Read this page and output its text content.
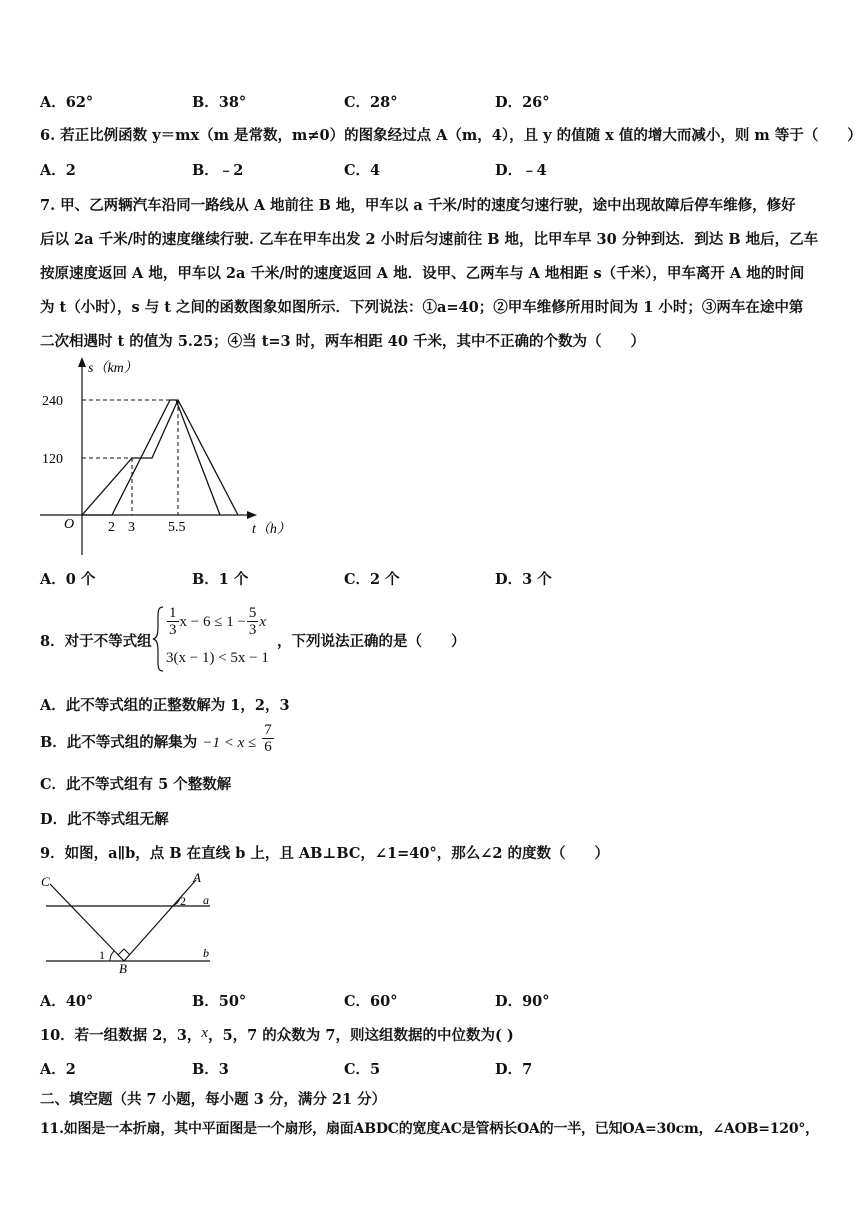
A．62°	B．38°	C．28°	D．26°
6. 若正比例函数 y＝mx（m 是常数，m≠0）的图象经过点 A（m，4），且 y 的值随 x 值的增大而减小，则 m 等于（　　）
A．2	B．﹣2	C．4	D．﹣4
7. 甲、乙两辆汽车沿同一路线从 A 地前往 B 地，甲车以 a 千米/时的速度匀速行驶，途中出现故障后停车维修，修好
后以 2a 千米/时的速度继续行驶. 乙车在甲车出发 2 小时后匀速前往 B 地，比甲车早 30 分钟到达．到达 B 地后，乙车
按原速度返回 A 地，甲车以 2a 千米/时的速度返回 A 地．设甲、乙两车与 A 地相距 s（千米），甲车离开 A 地的时间
为 t（小时），s 与 t 之间的函数图象如图所示．下列说法：①a=40；②甲车维修所用时间为 1 小时；③两车在途中第
二次相遇时 t 的值为 5.25；④当 t=3 时，两车相距 40 千米，其中不正确的个数为（　　）
s（km）
240
120
O 2 3 5.5	t（h）
A．0 个	B．1 个	C．2 个	D．3 个
8．对于不等式组
$\frac{1}{3}$ $x - 6 \le 1 - \frac{5}{3}$ x
3(x − 1) < 5x − 1
，下列说法正确的是（　　）
A．此不等式组的正整数解为 1，2，3
B．此不等式组的解集为 $-1 < x \le \frac{7}{6}$
C．此不等式组有 5 个整数解
D．此不等式组无解
9．如图，a∥b，点 B 在直线 b 上，且 AB⊥BC，∠1=40°，那么∠2 的度数（　　）
C	A
2 a
1
B
b
A．40°	B．50°	C．60°	D．90°
10．若一组数据 2，3，x，5，7 的众数为 7，则这组数据的中位数为( )
A．2	B．3	C．5	D．7
二、填空题（共 7 小题，每小题 3 分，满分 21 分）
11.如图是一本折扇，其中平面图是一个扇形，扇面ABDC的宽度AC是管柄长OA的一半，已知OA=30cm，∠AOB=120°，
